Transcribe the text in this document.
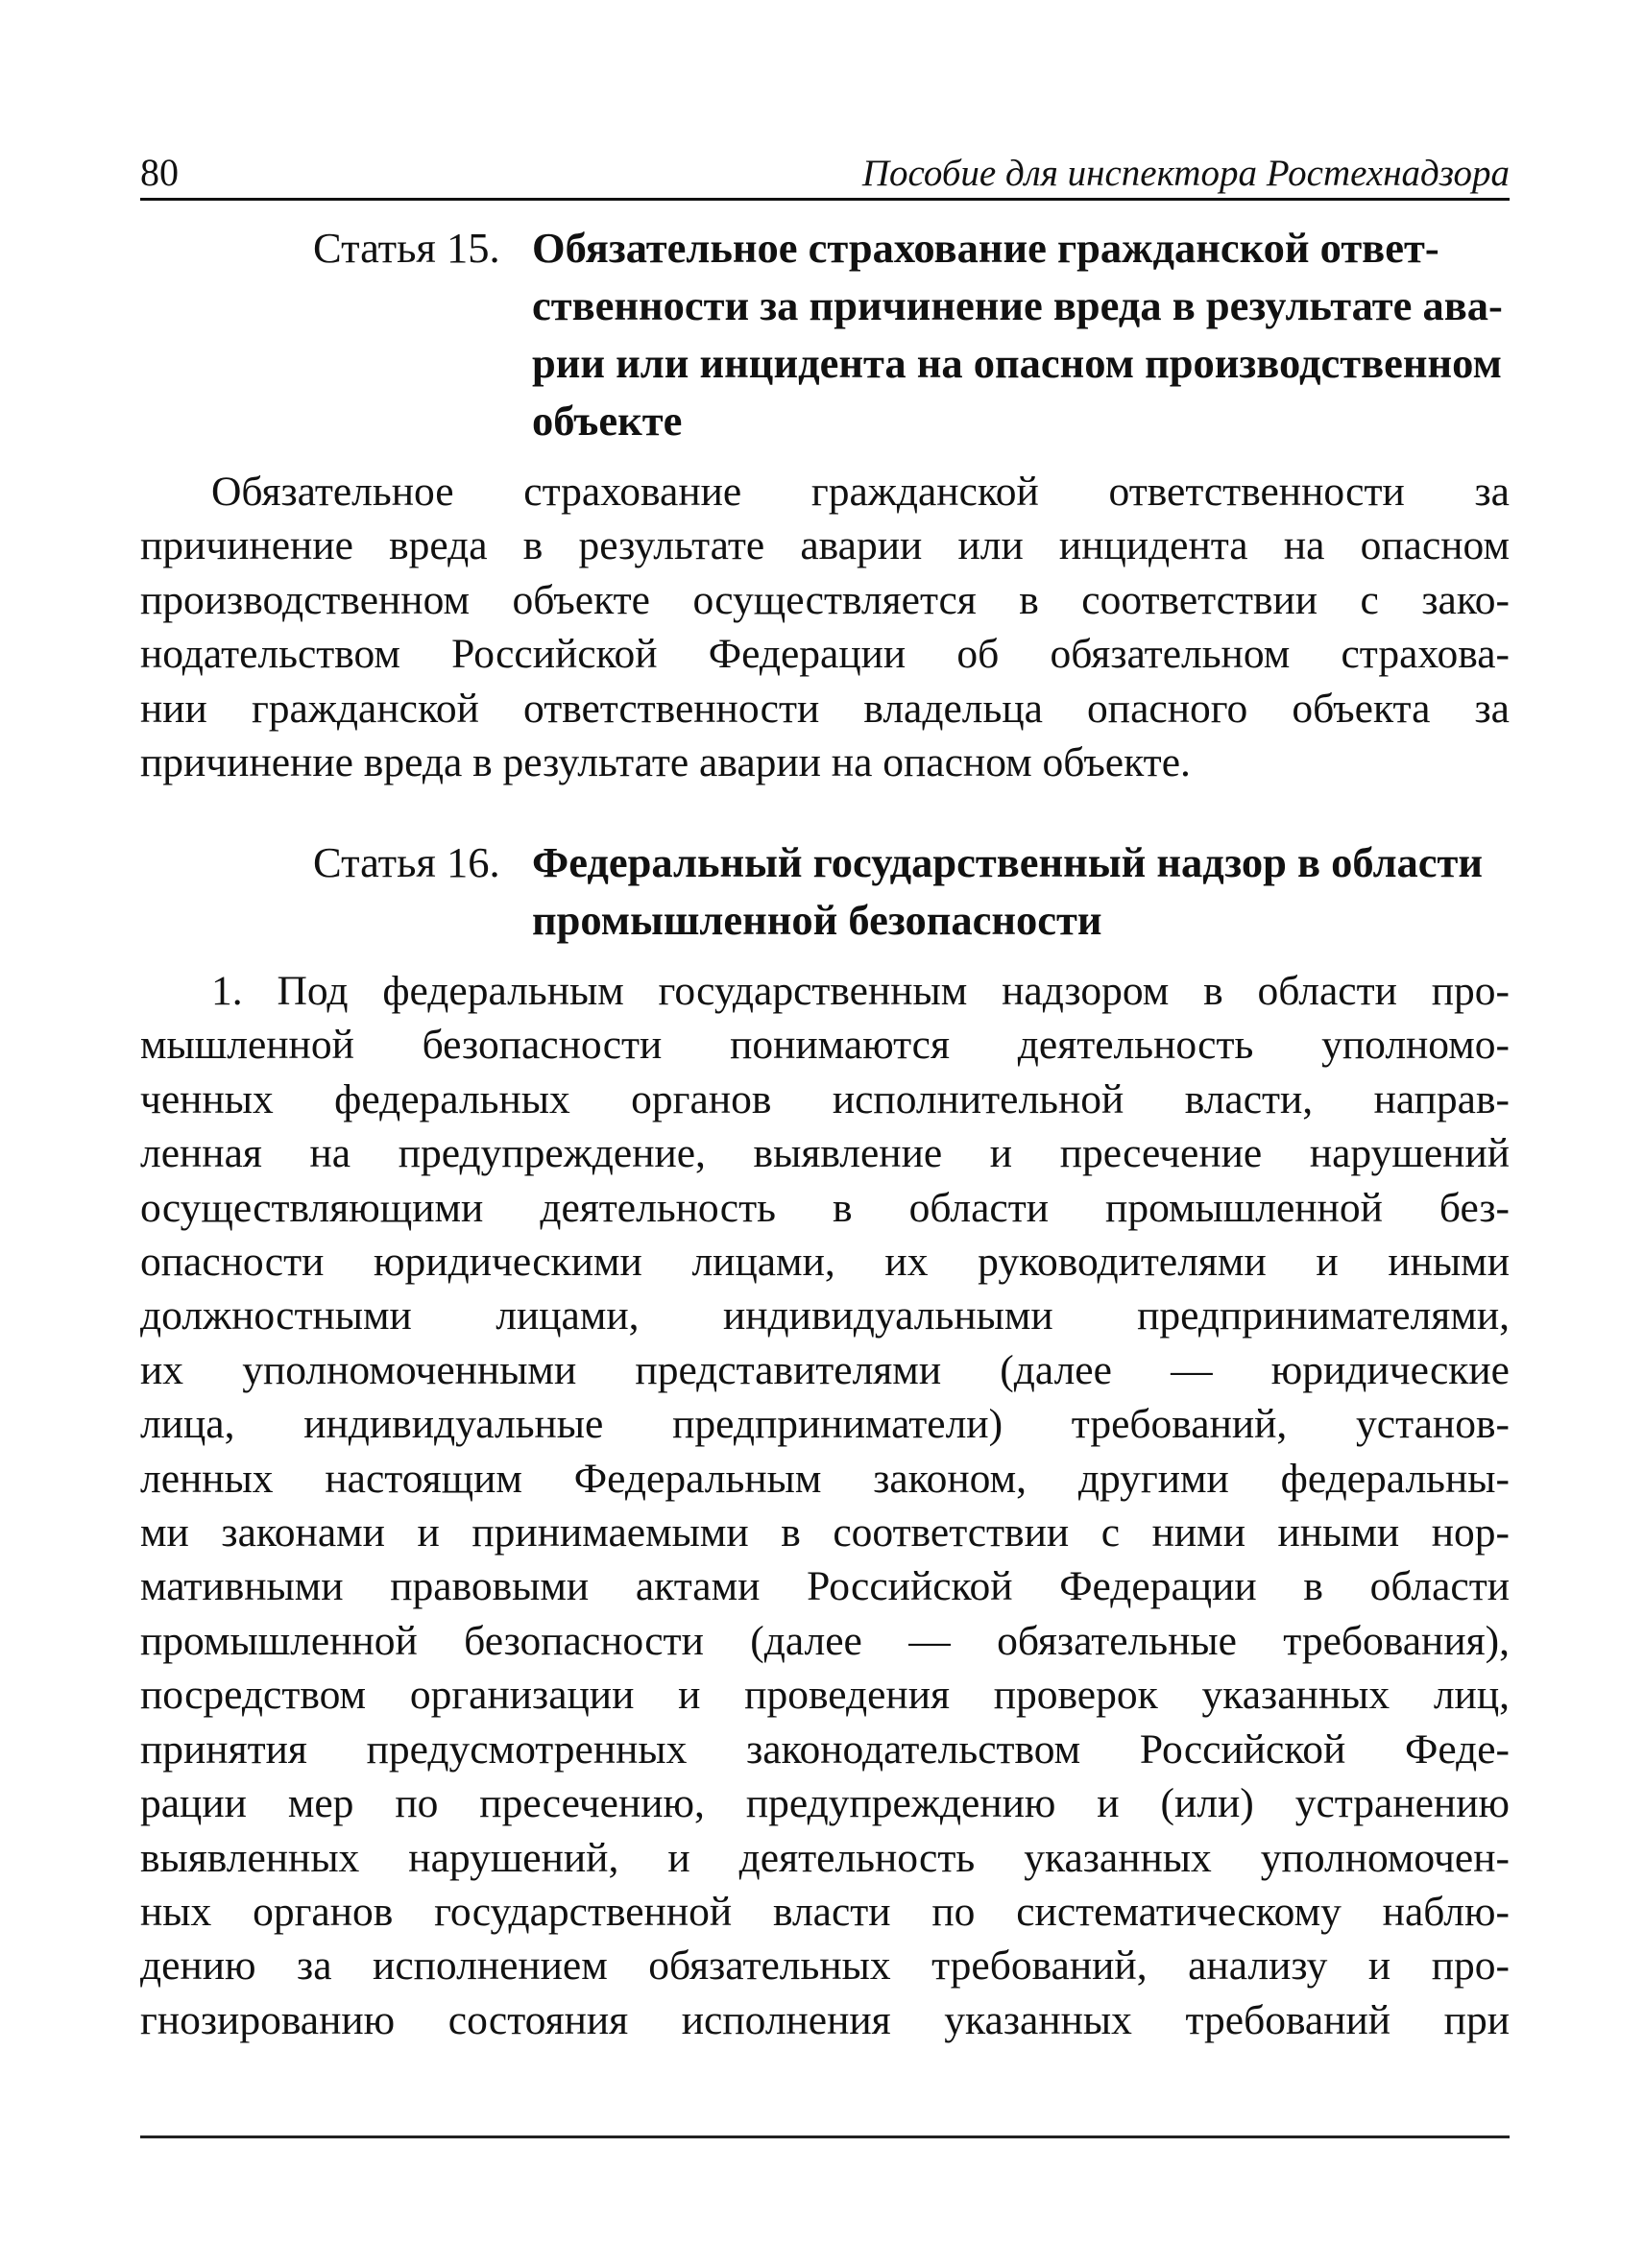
80	Пособие для инспектора Ростехнадзора
Статья 15. Обязательное страхование гражданской ответ-
ственности за причинение вреда в результате ава-
рии или инцидента на опасном производственном
объекте
Обязательное страхование гражданской ответственности за
причинение вреда в результате аварии или инцидента на опасном
производственном объекте осуществляется в соответствии с зако-
нодательством Российской Федерации об обязательном страхова-
нии гражданской ответственности владельца опасного объекта за
причинение вреда в результате аварии на опасном объекте.
Статья 16. Федеральный государственный надзор в области
промышленной безопасности
1. Под федеральным государственным надзором в области про-
мышленной безопасности понимаются деятельность уполномо-
ченных федеральных органов исполнительной власти, направ-
ленная на предупреждение, выявление и пресечение нарушений
осуществляющими деятельность в области промышленной без-
опасности юридическими лицами, их руководителями и иными
должностными лицами, индивидуальными предпринимателями,
их уполномоченными представителями (далее — юридические
лица, индивидуальные предприниматели) требований, установ-
ленных настоящим Федеральным законом, другими федеральны-
ми законами и принимаемыми в соответствии с ними иными нор-
мативными правовыми актами Российской Федерации в области
промышленной безопасности (далее — обязательные требования),
посредством организации и проведения проверок указанных лиц,
принятия предусмотренных законодательством Российской Феде-
рации мер по пресечению, предупреждению и (или) устранению
выявленных нарушений, и деятельность указанных уполномочен-
ных органов государственной власти по систематическому наблю-
дению за исполнением обязательных требований, анализу и про-
гнозированию состояния исполнения указанных требований при
